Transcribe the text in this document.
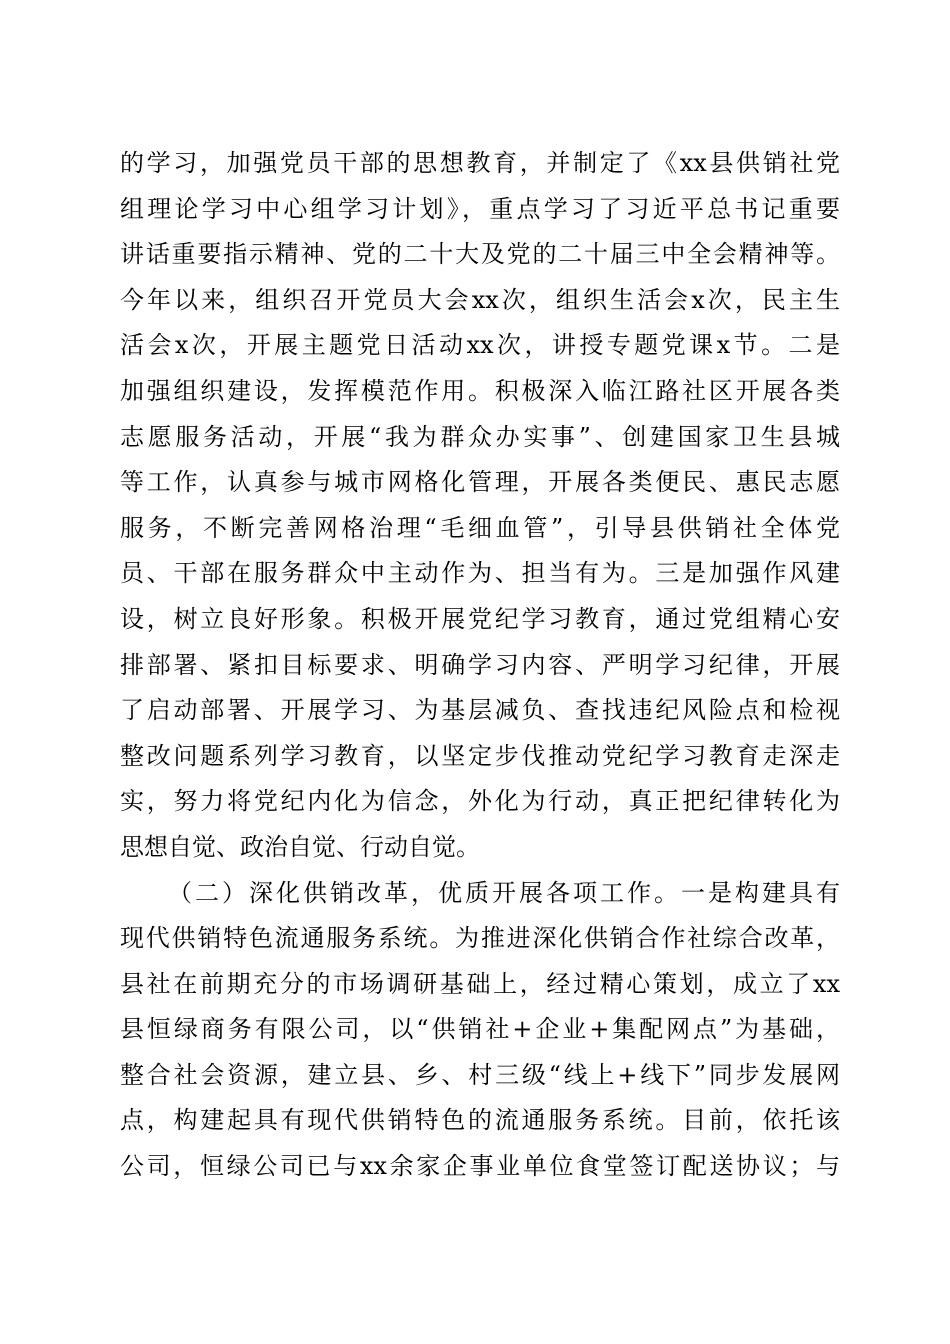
的学习，加强党员干部的思想教育，并制定了《xx县供销社党
组理论学习中心组学习计划》，重点学习了习近平总书记重要
讲话重要指示精神、党的二十大及党的二十届三中全会精神等。
今年以来，组织召开党员大会xx次，组织生活会x次，民主生
活会x次，开展主题党日活动xx次，讲授专题党课x节。二是
加强组织建设，发挥模范作用。积极深入临江路社区开展各类
志愿服务活动，开展“我为群众办实事”、创建国家卫生县城
等工作，认真参与城市网格化管理，开展各类便民、惠民志愿
服务，不断完善网格治理“毛细血管”，引导县供销社全体党
员、干部在服务群众中主动作为、担当有为。三是加强作风建
设，树立良好形象。积极开展党纪学习教育，通过党组精心安
排部署、紧扣目标要求、明确学习内容、严明学习纪律，开展
了启动部署、开展学习、为基层减负、查找违纪风险点和检视
整改问题系列学习教育，以坚定步伐推动党纪学习教育走深走
实，努力将党纪内化为信念，外化为行动，真正把纪律转化为
思想自觉、政治自觉、行动自觉。
（二）深化供销改革，优质开展各项工作。一是构建具有
现代供销特色流通服务系统。为推进深化供销合作社综合改革，
县社在前期充分的市场调研基础上，经过精心策划，成立了xx
县恒绿商务有限公司，以“供销社+企业+集配网点”为基础，
整合社会资源，建立县、乡、村三级“线上+线下”同步发展网
点，构建起具有现代供销特色的流通服务系统。目前，依托该
公司，恒绿公司已与xx余家企事业单位食堂签订配送协议；与
